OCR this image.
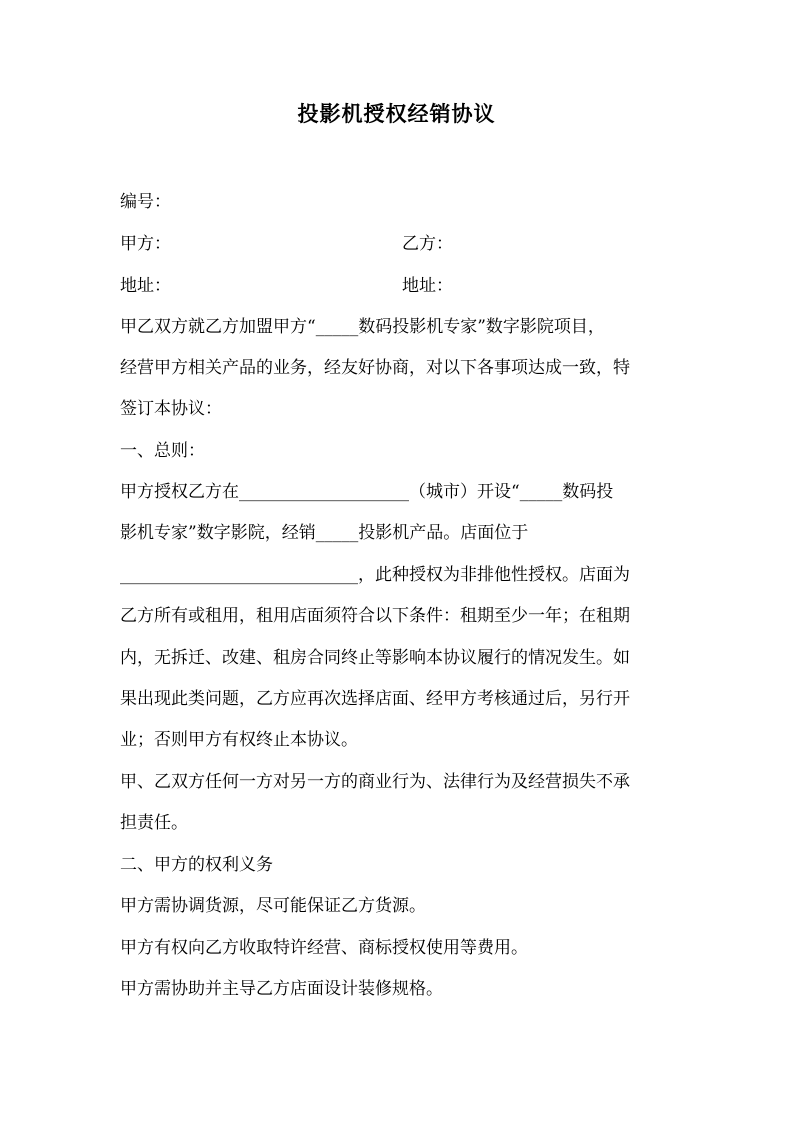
投影机授权经销协议
编号：
甲方：	乙方：
地址：	地址：
甲乙双方就乙方加盟甲方“_____数码投影机专家”数字影院项目，
经营甲方相关产品的业务，经友好协商，对以下各事项达成一致，特
签订本协议：
一、总则：
甲方授权乙方在____________________（城市）开设“_____数码投
影机专家”数字影院，经销_____投影机产品。店面位于
____________________________，此种授权为非排他性授权。店面为
乙方所有或租用，租用店面须符合以下条件：租期至少一年；在租期
内，无拆迁、改建、租房合同终止等影响本协议履行的情况发生。如
果出现此类问题，乙方应再次选择店面、经甲方考核通过后，另行开
业；否则甲方有权终止本协议。
甲、乙双方任何一方对另一方的商业行为、法律行为及经营损失不承
担责任。
二、甲方的权利义务
甲方需协调货源，尽可能保证乙方货源。
甲方有权向乙方收取特许经营、商标授权使用等费用。
甲方需协助并主导乙方店面设计装修规格。
